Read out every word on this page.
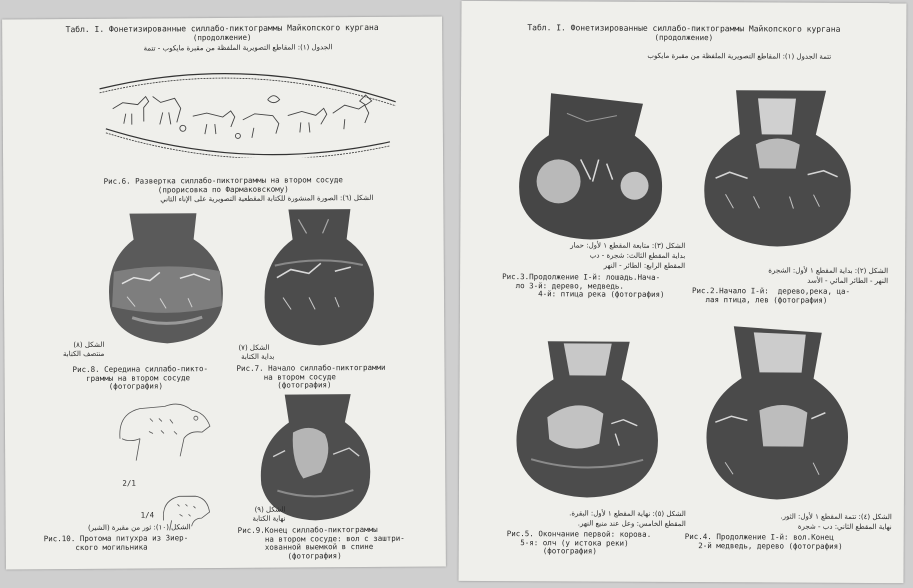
Табл. I. Фонетизированные силлабо-пиктограммы Майкопского кургана
(продолжение)
الجدول (١): المقاطع التصويرية الملفظة من مقبرة مايكوب - تتمة
Рис.6. Развертка силлабо-пиктограммы на втором сосуде
(прорисовка по Фармаковскому)
الشكل (٦): الصورة المنشورة للكتابة المقطعية التصويرية على الإناء الثاني
الشكل (٨)
منتصف الكتابة
الشكل (٧)
بداية الكتابة
Рис.8. Середина силлабо-пикто-
граммы на втором сосуде
(фотография)
Рис.7. Начало силлабо-пиктограмми
на втором сосуде
(фотография)
2/1
1/4
الشكل (١٠): ثور من مقبرة (الشير)
Рис.10. Протома питухра из Зиер-
ского могильника
الشكل (٩)
نهاية الكتابة
Рис.9.Конец силлабо-пиктограммы
на втором сосуде: вол с заштри-
хованной выемкой в спине
(фотография)
Табл. I. Фонетизированные силлабо-пиктограммы Майкопского кургана
(продолжение)
تتمة الجدول (١): المقاطع التصويرية الملفظة من مقبرة مايكوب
الشكل (٣): متابعة المقطع ١ لأول: حمار
بداية المقطع الثالث: شجرة - دب
المقطع الرابع: الطائر - النهر
Рис.3.Продолжение I-й: лошадь.Нача-
ло 3-й: дерево, медведь.
4-й: птица река (фотография)
الشكل (٢): بداية المقطع ١ لأول: الشجرة
النهر - الطائر المائي - الأسد
Рис.2.Начало I-й:  дерево,река, ца-
лая птица, лев (фотография)
الشكل (٥): نهاية المقطع ١ لأول: البقرة.
المقطع الخامس: وعل عند منبع النهر.
Рис.5. Окончание первой: корова.
5-я: олч (у истока реки)
(фотография)
الشكل (٤): تتمة المقطع ١ لأول: الثور.
نهاية المقطع الثاني: دب - شجرة
Рис.4. Продолжение I-й: вол.Конец
2-й медведь, дерево (фотография)
